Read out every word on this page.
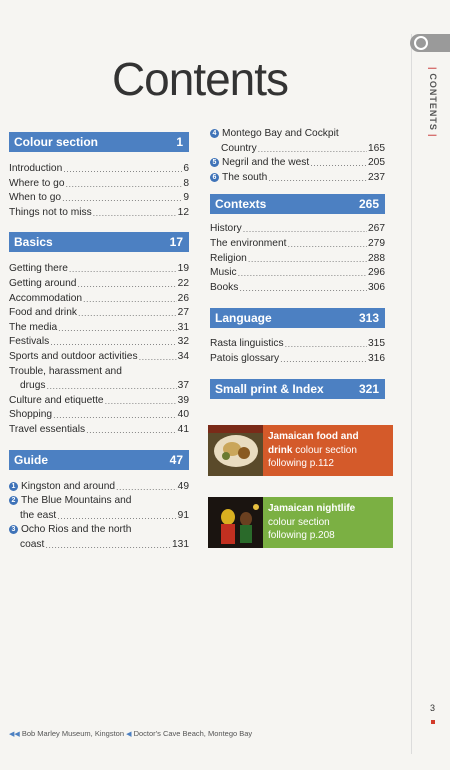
|CONTENTS|
Contents
Colour section	1
Introduction .....	6
Where to go .....	8
When to go .....	9
Things not to miss .....	12
Basics	17
Getting there .....	19
Getting around .....	22
Accommodation .....	26
Food and drink .....	27
The media .....	31
Festivals .....	32
Sports and outdoor activities .....	34
Trouble, harassment and
drugs .....	37
Culture and etiquette .....	39
Shopping .....	40
Travel essentials .....	41
Guide	47
1 Kingston and around .....	49
2 The Blue Mountains and
the east .....	91
3 Ocho Rios and the north
coast .....	131
4 Montego Bay and Cockpit
Country .....	165
5 Negril and the west .....	205
6 The south .....	237
Contexts	265
History .....	267
The environment .....	279
Religion .....	288
Music .....	296
Books .....	306
Language	313
Rasta linguistics .....	315
Patois glossary .....	316
Small print & Index	321
Jamaican food and
drink colour section
following p.112
Jamaican nightlife
colour section
following p.208
3
◀◀ Bob Marley Museum, Kingston ◀ Doctor's Cave Beach, Montego Bay
